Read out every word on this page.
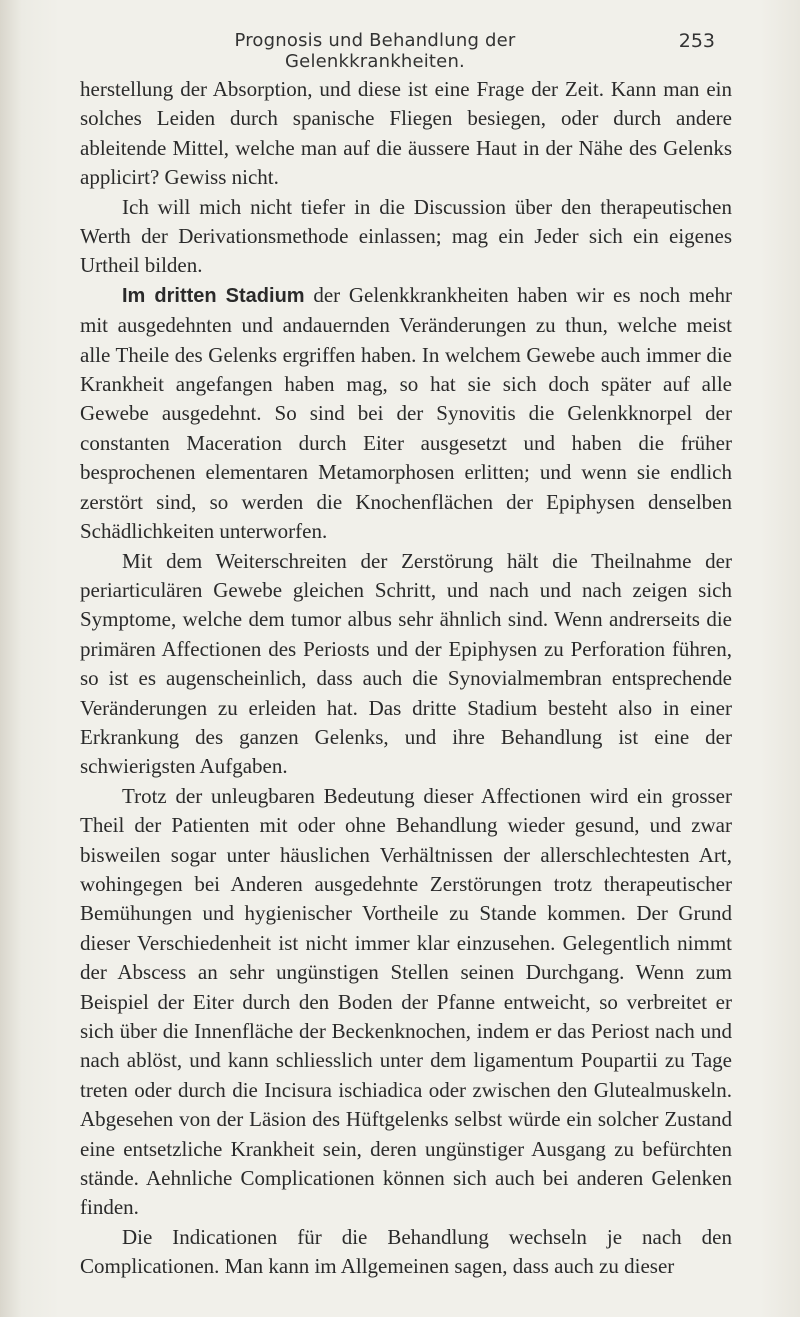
Prognosis und Behandlung der Gelenkkrankheiten.
253

herstellung der Absorption, und diese ist eine Frage der Zeit. Kann man ein solches Leiden durch spanische Fliegen besiegen, oder durch andere ableitende Mittel, welche man auf die äussere Haut in der Nähe des Gelenks applicirt? Gewiss nicht.

Ich will mich nicht tiefer in die Discussion über den therapeutischen Werth der Derivationsmethode einlassen; mag ein Jeder sich ein eigenes Urtheil bilden.

Im dritten Stadium der Gelenkkrankheiten haben wir es noch mehr mit ausgedehnten und andauernden Veränderungen zu thun, welche meist alle Theile des Gelenks ergriffen haben. In welchem Gewebe auch immer die Krankheit angefangen haben mag, so hat sie sich doch später auf alle Gewebe ausgedehnt. So sind bei der Synovitis die Gelenkknorpel der constanten Maceration durch Eiter ausgesetzt und haben die früher besprochenen elementaren Metamorphosen erlitten; und wenn sie endlich zerstört sind, so werden die Knochenflächen der Epiphysen denselben Schädlichkeiten unterworfen.

Mit dem Weiterschreiten der Zerstörung hält die Theilnahme der periarticulären Gewebe gleichen Schritt, und nach und nach zeigen sich Symptome, welche dem tumor albus sehr ähnlich sind. Wenn andrerseits die primären Affectionen des Periosts und der Epiphysen zu Perforation führen, so ist es augenscheinlich, dass auch die Synovialmembran entsprechende Veränderungen zu erleiden hat. Das dritte Stadium besteht also in einer Erkrankung des ganzen Gelenks, und ihre Behandlung ist eine der schwierigsten Aufgaben.

Trotz der unleugbaren Bedeutung dieser Affectionen wird ein grosser Theil der Patienten mit oder ohne Behandlung wieder gesund, und zwar bisweilen sogar unter häuslichen Verhältnissen der allerschlechtesten Art, wohingegen bei Anderen ausgedehnte Zerstörungen trotz therapeutischer Bemühungen und hygienischer Vortheile zu Stande kommen. Der Grund dieser Verschiedenheit ist nicht immer klar einzusehen. Gelegentlich nimmt der Abscess an sehr ungünstigen Stellen seinen Durchgang. Wenn zum Beispiel der Eiter durch den Boden der Pfanne entweicht, so verbreitet er sich über die Innenfläche der Beckenknochen, indem er das Periost nach und nach ablöst, und kann schliesslich unter dem ligamentum Poupartii zu Tage treten oder durch die Incisura ischiadica oder zwischen den Glutealmuskeln. Abgesehen von der Läsion des Hüftgelenks selbst würde ein solcher Zustand eine entsetzliche Krankheit sein, deren ungünstiger Ausgang zu befürchten stände. Aehnliche Complicationen können sich auch bei anderen Gelenken finden.

Die Indicationen für die Behandlung wechseln je nach den Complicationen. Man kann im Allgemeinen sagen, dass auch zu dieser
